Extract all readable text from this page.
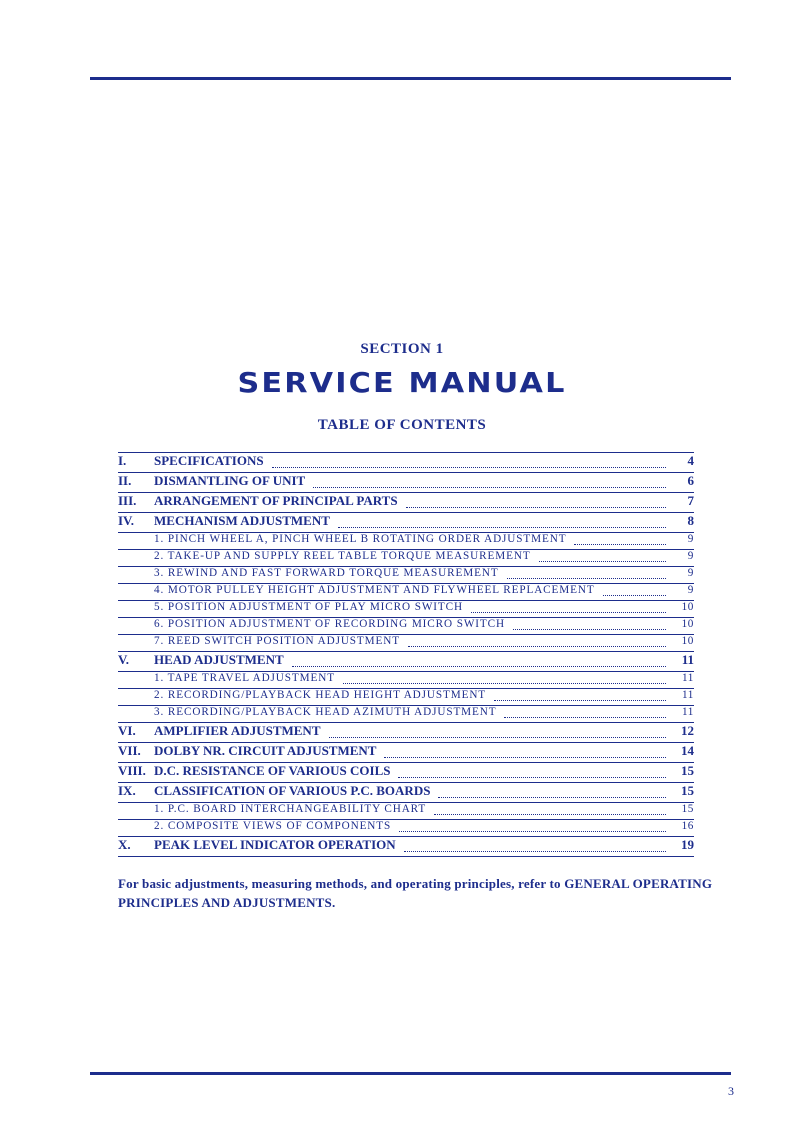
SECTION 1
SERVICE MANUAL
TABLE OF CONTENTS
I.	SPECIFICATIONS	4
II.	DISMANTLING OF UNIT	6
III.	ARRANGEMENT OF PRINCIPAL PARTS	7
IV.	MECHANISM ADJUSTMENT	8
1. PINCH WHEEL A, PINCH WHEEL B ROTATING ORDER ADJUSTMENT	9
2. TAKE-UP AND SUPPLY REEL TABLE TORQUE MEASUREMENT	9
3. REWIND AND FAST FORWARD TORQUE MEASUREMENT	9
4. MOTOR PULLEY HEIGHT ADJUSTMENT AND FLYWHEEL REPLACEMENT	9
5. POSITION ADJUSTMENT OF PLAY MICRO SWITCH	10
6. POSITION ADJUSTMENT OF RECORDING MICRO SWITCH	10
7. REED SWITCH POSITION ADJUSTMENT	10
V.	HEAD ADJUSTMENT	11
1. TAPE TRAVEL ADJUSTMENT	11
2. RECORDING/PLAYBACK HEAD HEIGHT ADJUSTMENT	11
3. RECORDING/PLAYBACK HEAD AZIMUTH ADJUSTMENT	11
VI.	AMPLIFIER ADJUSTMENT	12
VII.	DOLBY NR. CIRCUIT ADJUSTMENT	14
VIII. D.C. RESISTANCE OF VARIOUS COILS	15
IX.	CLASSIFICATION OF VARIOUS P.C. BOARDS	15
1. P.C. BOARD INTERCHANGEABILITY CHART	15
2. COMPOSITE VIEWS OF COMPONENTS	16
X.	PEAK LEVEL INDICATOR OPERATION	19
For basic adjustments, measuring methods, and operating principles, refer to GENERAL OPERATING PRINCIPLES AND ADJUSTMENTS.
3
